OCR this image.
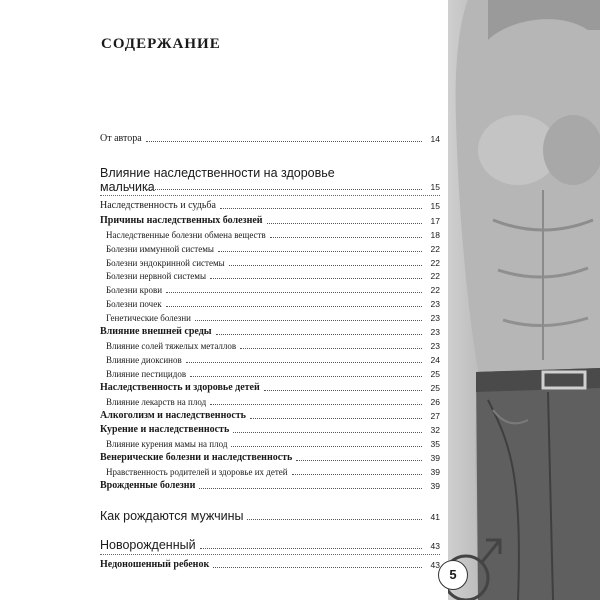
СОДЕРЖАНИЕ
От автора	14
Влияние наследственности на здоровье
мальчика	15
Наследственность и судьба	15
Причины наследственных болезней	17
Наследственные болезни обмена веществ	18
Болезни иммунной системы	22
Болезни эндокринной системы	22
Болезни нервной системы	22
Болезни крови	22
Болезни почек	23
Генетические болезни	23
Влияние внешней среды	23
Влияние солей тяжелых металлов	23
Влияние диоксинов	24
Влияние пестицидов	25
Наследственность и здоровье детей	25
Влияние лекарств на плод	26
Алкоголизм и наследственность	27
Курение и наследственность	32
Влияние курения мамы на плод	35
Венерические болезни и наследственность	39
Нравственность родителей и здоровье их детей	39
Врожденные болезни	39
Как рождаются мужчины	41
Новорожденный	43
Недоношенный ребенок	43
5
